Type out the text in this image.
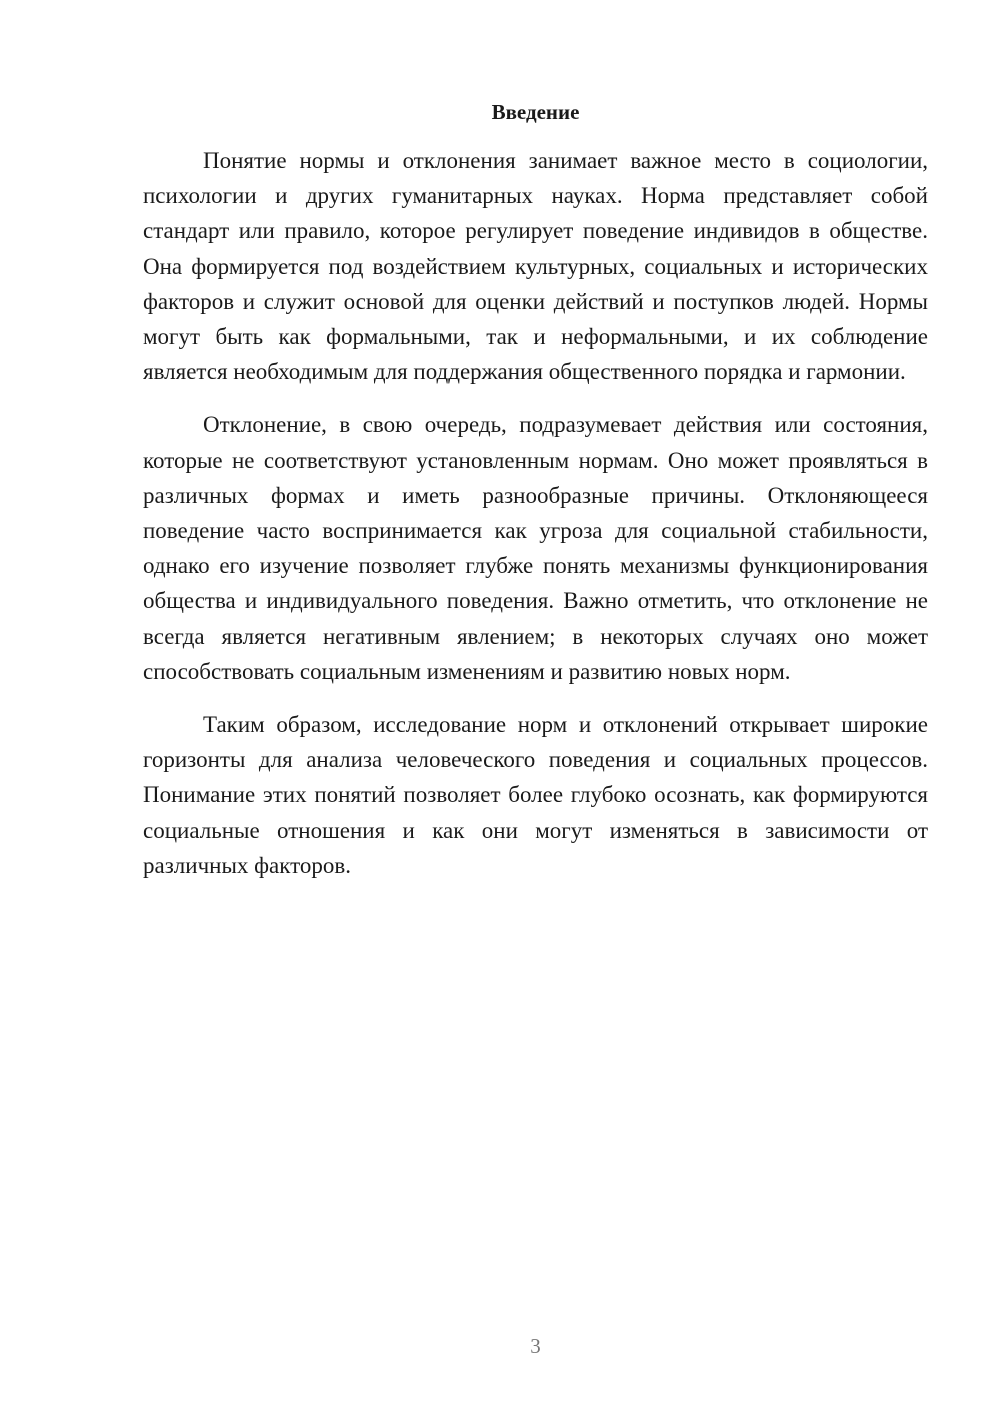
Введение

Понятие нормы и отклонения занимает важное место в социологии, психологии и других гуманитарных науках. Норма представляет собой стандарт или правило, которое регулирует поведение индивидов в обществе. Она формируется под воздействием культурных, социальных и исторических факторов и служит основой для оценки действий и поступков людей. Нормы могут быть как формальными, так и неформальными, и их соблюдение является необходимым для поддержания общественного порядка и гармонии.

Отклонение, в свою очередь, подразумевает действия или состояния, которые не соответствуют установленным нормам. Оно может проявляться в различных формах и иметь разнообразные причины. Отклоняющееся поведение часто воспринимается как угроза для социальной стабильности, однако его изучение позволяет глубже понять механизмы функционирования общества и индивидуального поведения. Важно отметить, что отклонение не всегда является негативным явлением; в некоторых случаях оно может способствовать социальным изменениям и развитию новых норм.

Таким образом, исследование норм и отклонений открывает широкие горизонты для анализа человеческого поведения и социальных процессов. Понимание этих понятий позволяет более глубоко осознать, как формируются социальные отношения и как они могут изменяться в зависимости от различных факторов.

3
